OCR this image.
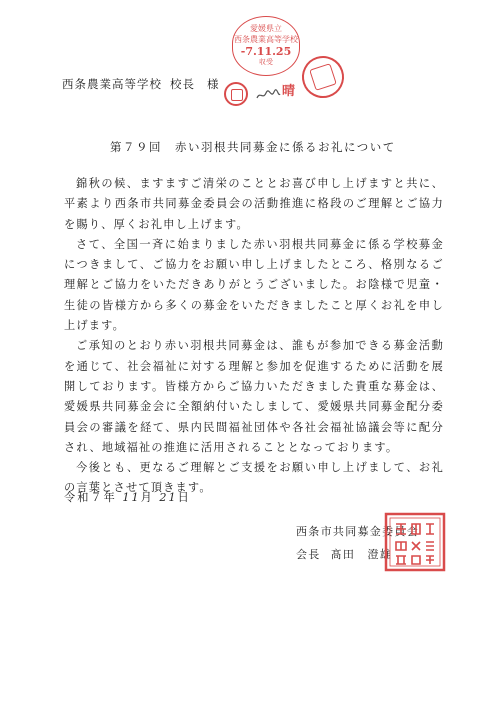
愛媛県立
西条農業高等学校
-7.11.25
収受
晴
西条農業高等学校 校長 様
第７９回　赤い羽根共同募金に係るお礼について

錦秋の候、ますますご清栄のこととお喜び申し上げますと共に、平素より西条市共同募金委員会の活動推進に格段のご理解とご協力を賜り、厚くお礼申し上げます。

さて、全国一斉に始まりました赤い羽根共同募金に係る学校募金につきまして、ご協力をお願い申し上げましたところ、格別なるご理解とご協力をいただきありがとうございました。お陰様で児童・生徒の皆様方から多くの募金をいただきましたこと厚くお礼を申し上げます。

ご承知のとおり赤い羽根共同募金は、誰もが参加できる募金活動を通じて、社会福祉に対する理解と参加を促進するために活動を展開しております。皆様方からご協力いただきました貴重な募金は、愛媛県共同募金会に全額納付いたしまして、愛媛県共同募金配分委員会の審議を経て、県内民間福祉団体や各社会福祉協議会等に配分され、地域福祉の推進に活用されることとなっております。

今後とも、更なるご理解とご支援をお願い申し上げまして、お礼の言葉とさせて頂きます。

令和７年 11月 21日
西条市共同募金委員会
会長 髙田　澄雄
